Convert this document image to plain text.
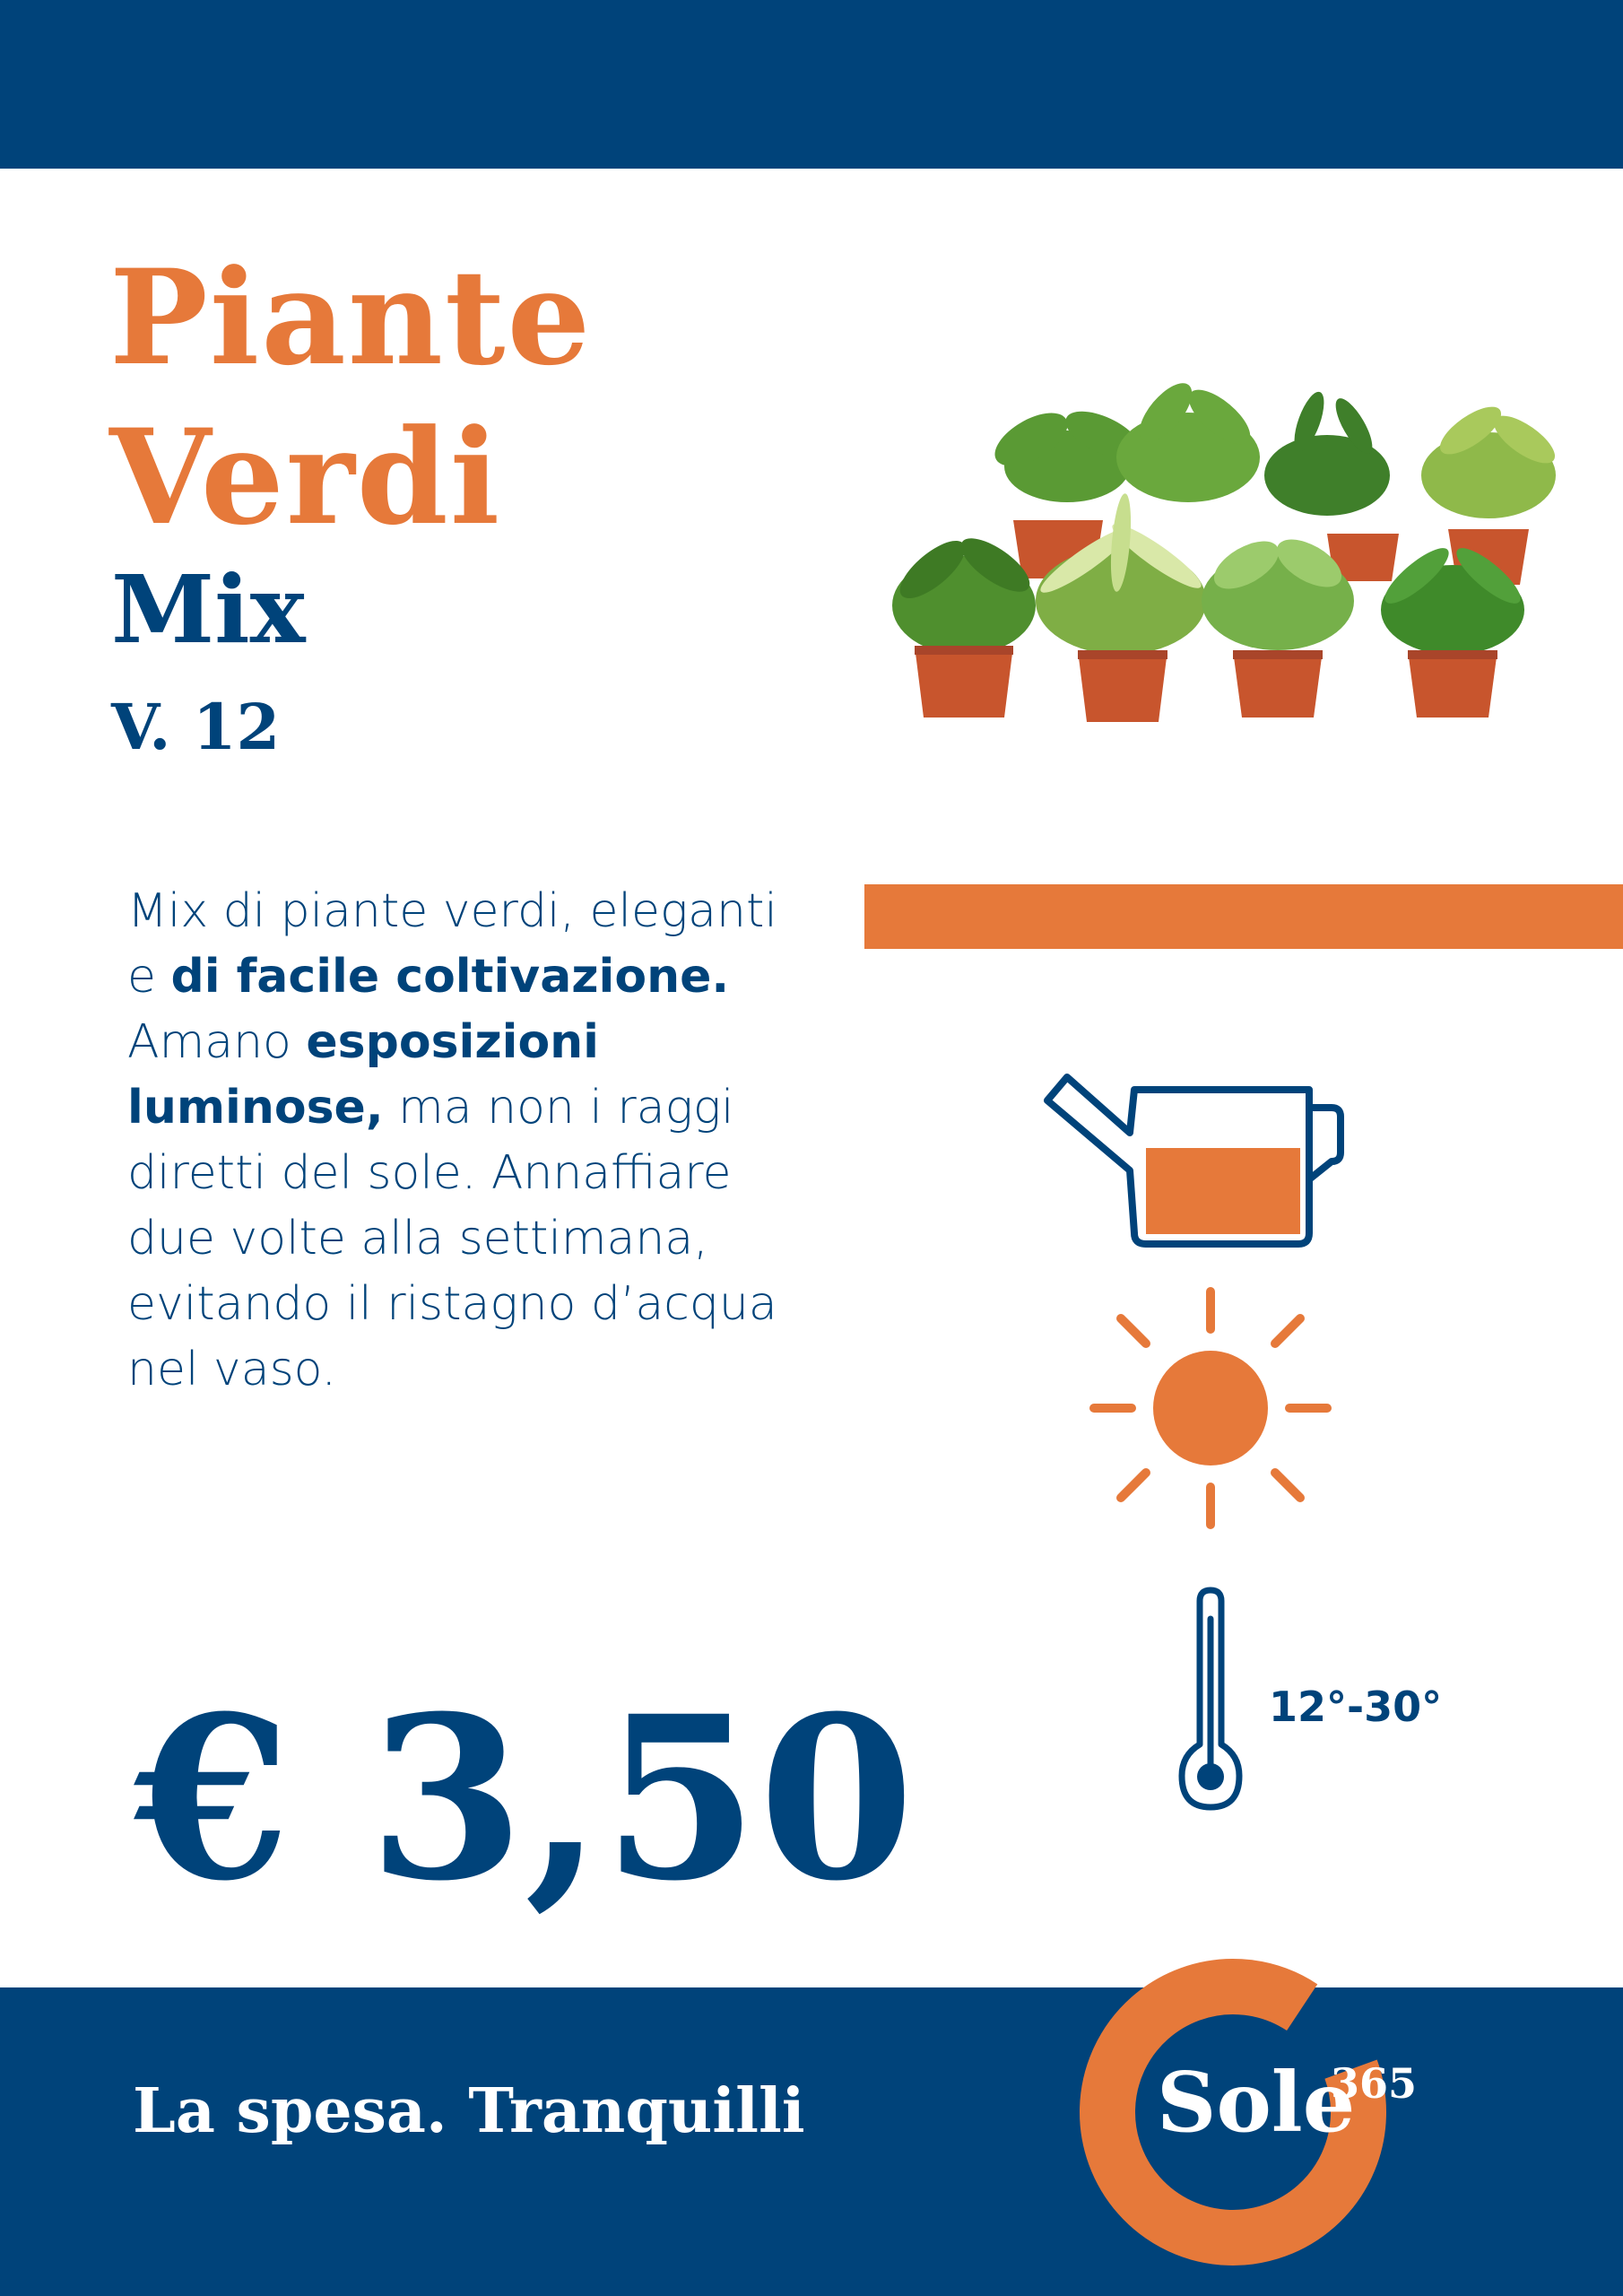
Piante
Verdi
Mix
V. 12
Mix di piante verdi, eleganti
e di facile coltivazione.
Amano esposizioni
luminose, ma non i raggi
diretti del sole. Annaffiare
due volte alla settimana,
evitando il ristagno d’acqua
nel vaso.
12°-30°
€ 3,50
La spesa. Tranquilli	Sole
365
